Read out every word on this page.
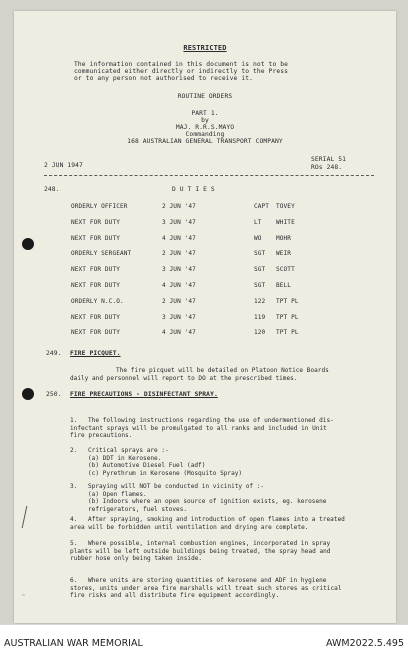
RESTRICTED
The information contained in this document is not to be
communicated either directly or indirectly to the Press
or to any person not authorised to receive it.
ROUTINE ORDERS
PART 1.
by
MAJ. R.R.S.MAYO
Commanding
168 AUSTRALIAN GENERAL TRANSPORT COMPANY
2 JUN 1947
SERIAL 51
ROs 248.
248.	D U T I E S
ORDERLY OFFICER	2 JUN '47	CAPT TOVEY
NEXT FOR DUTY	3 JUN '47	LT WHITE
NEXT FOR DUTY	4 JUN '47	WO MOHR
ORDERLY SERGEANT	2 JUN '47	SGT WEIR
NEXT FOR DUTY	3 JUN '47	SGT SCOTT
NEXT FOR DUTY	4 JUN '47	SGT BELL
ORDERLY N.C.O.	2 JUN '47	122 TPT PL
NEXT FOR DUTY	3 JUN '47	119 TPT PL
NEXT FOR DUTY	4 JUN '47	120 TPT PL
249. FIRE PICQUET.
The fire picquet will be detailed on Platoon Notice Boards
daily and personnel will report to DO at the prescribed times.
250. FIRE PRECAUTIONS - DISINFECTANT SPRAY.
1. The following instructions regarding the use of undermentioned dis-
infectant sprays will be promulgated to all ranks and included in Unit
fire precautions.
2. Critical sprays are :-
(a) DDT in Kerosene.
(b) Automotive Diesel Fuel (adf)
(c) Pyrethrum in Kerosene (Mosquito Spray)
3. Spraying will NOT be conducted in vicinity of :-
(a) Open flames.
(b) Indoors where an open source of ignition exists, eg. kerosene
refrigerators, fuel stoves.
4. After spraying, smoking and introduction of open flames into a treated
area will be forbidden until ventilation and drying are complete.
5. Where possible, internal combustion engines, incorporated in spray
plants will be left outside buildings being treated, the spray head and
rubber hose only being taken inside.
6. Where units are storing quantities of kerosene and ADF in hygiene
stores, units under area fire marshalls will treat such stores as critical
fire risks and all distribute fire equipment accordingly.
~
AUSTRALIAN WAR MEMORIAL	AWM2022.5.495
